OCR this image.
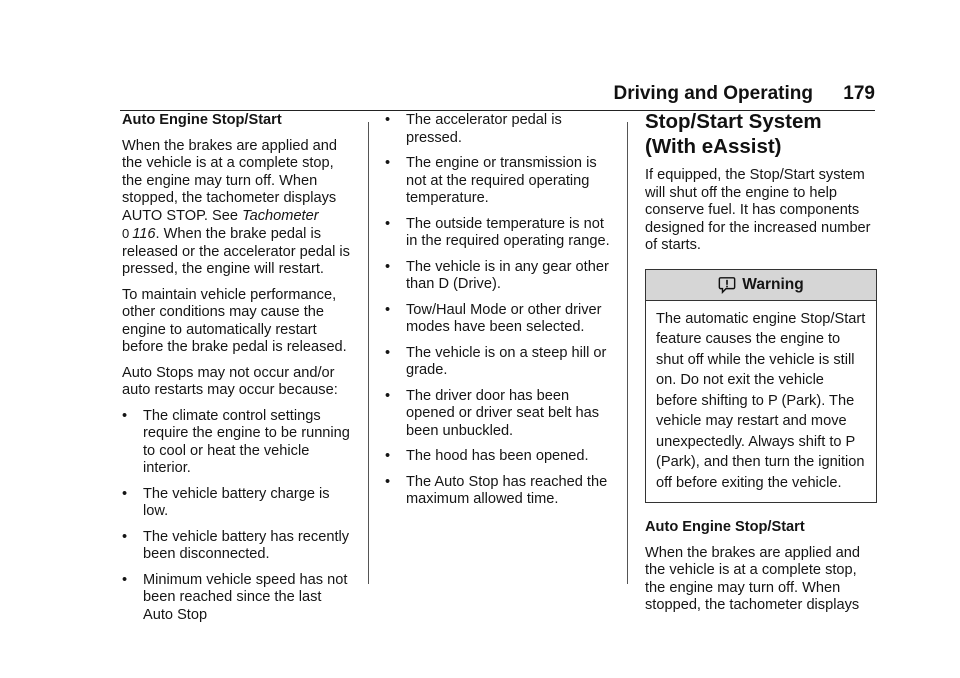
Driving and Operating 179
Auto Engine Stop/Start

When the brakes are applied and the vehicle is at a complete stop, the engine may turn off. When stopped, the tachometer displays AUTO STOP. See Tachometer
0 116. When the brake pedal is released or the accelerator pedal is pressed, the engine will restart.

To maintain vehicle performance, other conditions may cause the engine to automatically restart before the brake pedal is released.

Auto Stops may not occur and/or auto restarts may occur because:

• The climate control settings require the engine to be running to cool or heat the vehicle interior.
• The vehicle battery charge is low.
• The vehicle battery has recently been disconnected.
• Minimum vehicle speed has not been reached since the last Auto Stop
• The accelerator pedal is pressed.
• The engine or transmission is not at the required operating temperature.
• The outside temperature is not in the required operating range.
• The vehicle is in any gear other than D (Drive).
• Tow/Haul Mode or other driver modes have been selected.
• The vehicle is on a steep hill or grade.
• The driver door has been opened or driver seat belt has been unbuckled.
• The hood has been opened.
• The Auto Stop has reached the maximum allowed time.
Stop/Start System (With eAssist)

If equipped, the Stop/Start system will shut off the engine to help conserve fuel. It has components designed for the increased number of starts.

Warning
The automatic engine Stop/Start feature causes the engine to shut off while the vehicle is still on. Do not exit the vehicle before shifting to P (Park). The vehicle may restart and move unexpectedly. Always shift to P (Park), and then turn the ignition off before exiting the vehicle.
Auto Engine Stop/Start

When the brakes are applied and the vehicle is at a complete stop, the engine may turn off. When stopped, the tachometer displays
